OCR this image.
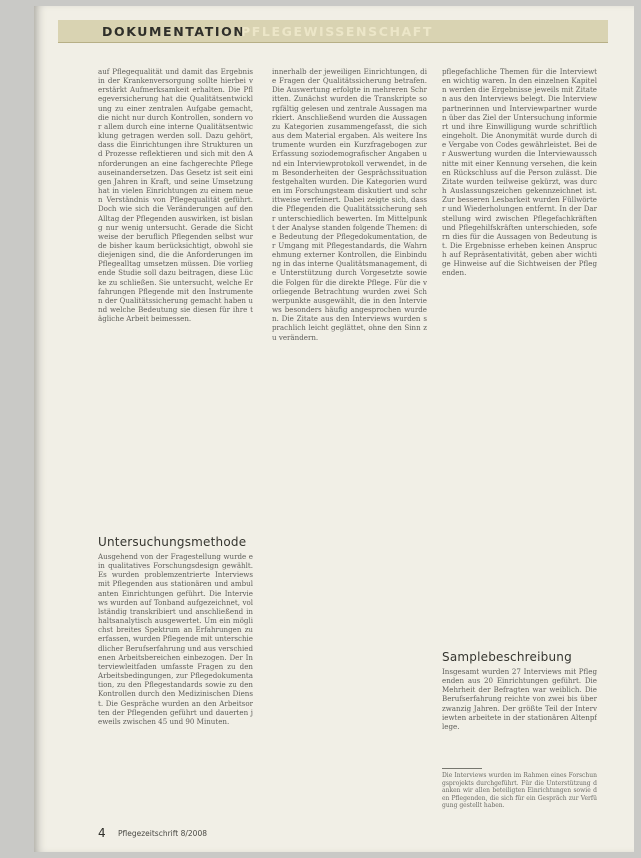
DOKUMENTATION
PFLEGEWISSENSCHAFT

auf Pflegequalität und damit das Ergebnis in der Krankenversorgung sollte hierbei verstärkt Aufmerksamkeit erhalten. Die Pflegeversicherung hat die Qualitätsentwicklung zu einer zentralen Aufgabe gemacht, die nicht nur durch Kontrollen, sondern vor allem durch eine interne Qualitätsentwicklung getragen werden soll. Dazu gehört, dass die Einrichtungen ihre Strukturen und Prozesse reflektieren und sich mit den Anforderungen an eine fachgerechte Pflege auseinandersetzen. Das Gesetz ist seit einigen Jahren in Kraft, und seine Umsetzung hat in vielen Einrichtungen zu einem neuen Verständnis von Pflegequalität geführt. Doch wie sich die Veränderungen auf den Alltag der Pflegenden auswirken, ist bislang nur wenig untersucht. Gerade die Sichtweise der beruflich Pflegenden selbst wurde bisher kaum berücksichtigt, obwohl sie diejenigen sind, die die Anforderungen im Pflegealltag umsetzen müssen. Die vorliegende Studie soll dazu beitragen, diese Lücke zu schließen. Sie untersucht, welche Erfahrungen Pflegende mit den Instrumenten der Qualitätssicherung gemacht haben und welche Bedeutung sie diesen für ihre tägliche Arbeit beimessen.

Untersuchungsmethode
Ausgehend von der Fragestellung wurde ein qualitatives Forschungsdesign gewählt. Es wurden problemzentrierte Interviews mit Pflegenden aus stationären und ambulanten Einrichtungen geführt. Die Interviews wurden auf Tonband aufgezeichnet, vollständig transkribiert und anschließend inhaltsanalytisch ausgewertet. Um ein möglichst breites Spektrum an Erfahrungen zu erfassen, wurden Pflegende mit unterschiedlicher Berufserfahrung und aus verschiedenen Arbeitsbereichen einbezogen. Der Interviewleitfaden umfasste Fragen zu den Arbeitsbedingungen, zur Pflegedokumentation, zu den Pflegestandards sowie zu den Kontrollen durch den Medizinischen Dienst. Die Gespräche wurden an den Arbeitsorten der Pflegenden geführt und dauerten jeweils zwischen 45 und 90 Minuten.

innerhalb der jeweiligen Einrichtungen, die Fragen der Qualitätssicherung betrafen. Die Auswertung erfolgte in mehreren Schritten. Zunächst wurden die Transkripte sorgfältig gelesen und zentrale Aussagen markiert. Anschließend wurden die Aussagen zu Kategorien zusammengefasst, die sich aus dem Material ergaben. Als weitere Instrumente wurden ein Kurzfragebogen zur Erfassung soziodemografischer Angaben und ein Interviewprotokoll verwendet, in dem Besonderheiten der Gesprächssituation festgehalten wurden. Die Kategorien wurden im Forschungsteam diskutiert und schrittweise verfeinert. Dabei zeigte sich, dass die Pflegenden die Qualitätssicherung sehr unterschiedlich bewerten. Im Mittelpunkt der Analyse standen folgende Themen: die Bedeutung der Pflegedokumentation, der Umgang mit Pflegestandards, die Wahrnehmung externer Kontrollen, die Einbindung in das interne Qualitätsmanagement, die Unterstützung durch Vorgesetzte sowie die Folgen für die direkte Pflege. Für die vorliegende Betrachtung wurden zwei Schwerpunkte ausgewählt, die in den Interviews besonders häufig angesprochen wurden. Die Zitate aus den Interviews wurden sprachlich leicht geglättet, ohne den Sinn zu verändern.

pflegefachliche Themen für die Interviewten wichtig waren. In den einzelnen Kapiteln werden die Ergebnisse jeweils mit Zitaten aus den Interviews belegt. Die Interviewpartnerinnen und Interviewpartner wurden über das Ziel der Untersuchung informiert und ihre Einwilligung wurde schriftlich eingeholt. Die Anonymität wurde durch die Vergabe von Codes gewährleistet. Bei der Auswertung wurden die Interviewausschnitte mit einer Kennung versehen, die keinen Rückschluss auf die Person zulässt. Die Zitate wurden teilweise gekürzt, was durch Auslassungszeichen gekennzeichnet ist. Zur besseren Lesbarkeit wurden Füllwörter und Wiederholungen entfernt. In der Darstellung wird zwischen Pflegefachkräften und Pflegehilfskräften unterschieden, sofern dies für die Aussagen von Bedeutung ist. Die Ergebnisse erheben keinen Anspruch auf Repräsentativität, geben aber wichtige Hinweise auf die Sichtweisen der Pflegenden.

Samplebeschreibung
Insgesamt wurden 27 Interviews mit Pflegenden aus 20 Einrichtungen geführt. Die Mehrheit der Befragten war weiblich. Die Berufserfahrung reichte von zwei bis über zwanzig Jahren. Der größte Teil der Interviewten arbeitete in der stationären Altenpflege.
Die Interviews wurden im Rahmen eines Forschungsprojekts durchgeführt. Für die Unterstützung danken wir allen beteiligten Einrichtungen sowie den Pflegenden, die sich für ein Gespräch zur Verfügung gestellt haben.
4 Pflegezeitschrift 8/2008
